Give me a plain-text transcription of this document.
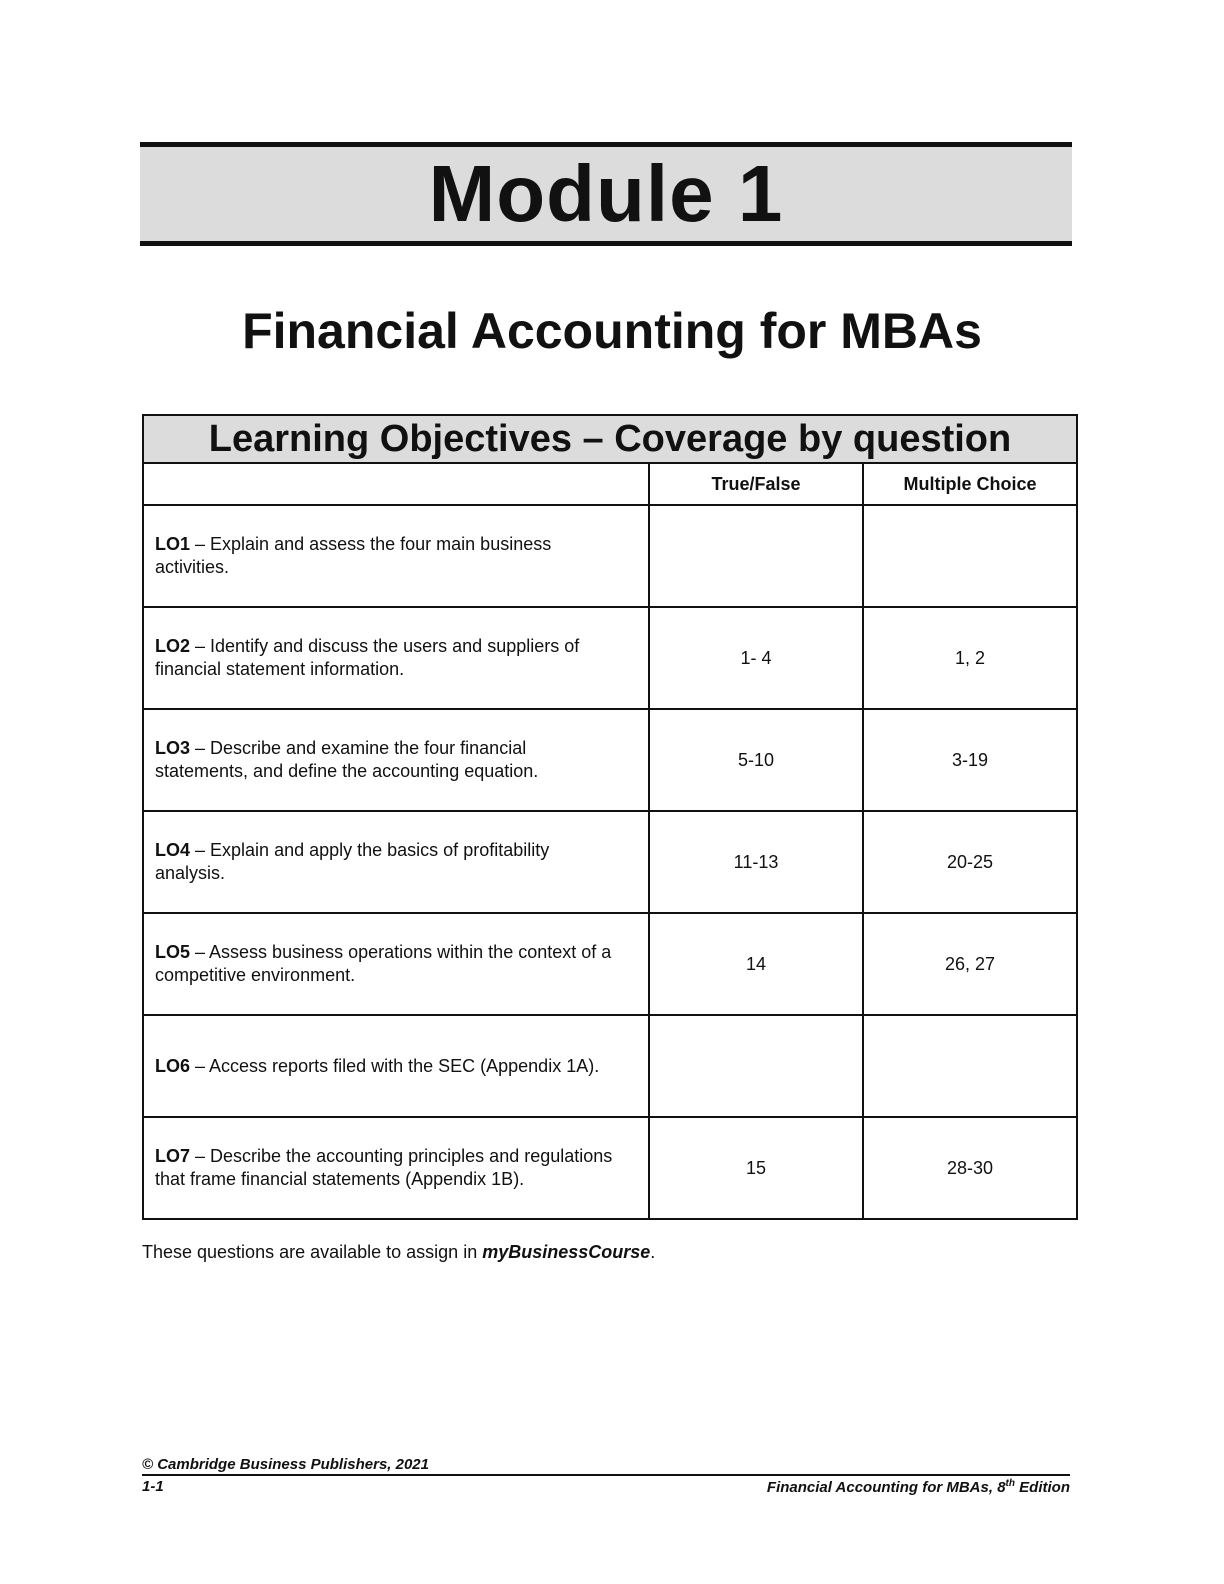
Module 1
Financial Accounting for MBAs
Learning Objectives – Coverage by question		
	True/False	Multiple Choice
LO1 – Explain and assess the four main business activities.		
LO2 – Identify and discuss the users and suppliers of financial statement information.	1- 4	1, 2
LO3 – Describe and examine the four financial statements, and define the accounting equation.	5-10	3-19
LO4 – Explain and apply the basics of profitability analysis.	11-13	20-25
LO5 – Assess business operations within the context of a competitive environment.	14	26, 27
LO6 – Access reports filed with the SEC (Appendix 1A).		
LO7 – Describe the accounting principles and regulations that frame financial statements (Appendix 1B).	15	28-30
These questions are available to assign in myBusinessCourse.
© Cambridge Business Publishers, 2021
1-1	Financial Accounting for MBAs, 8th Edition
